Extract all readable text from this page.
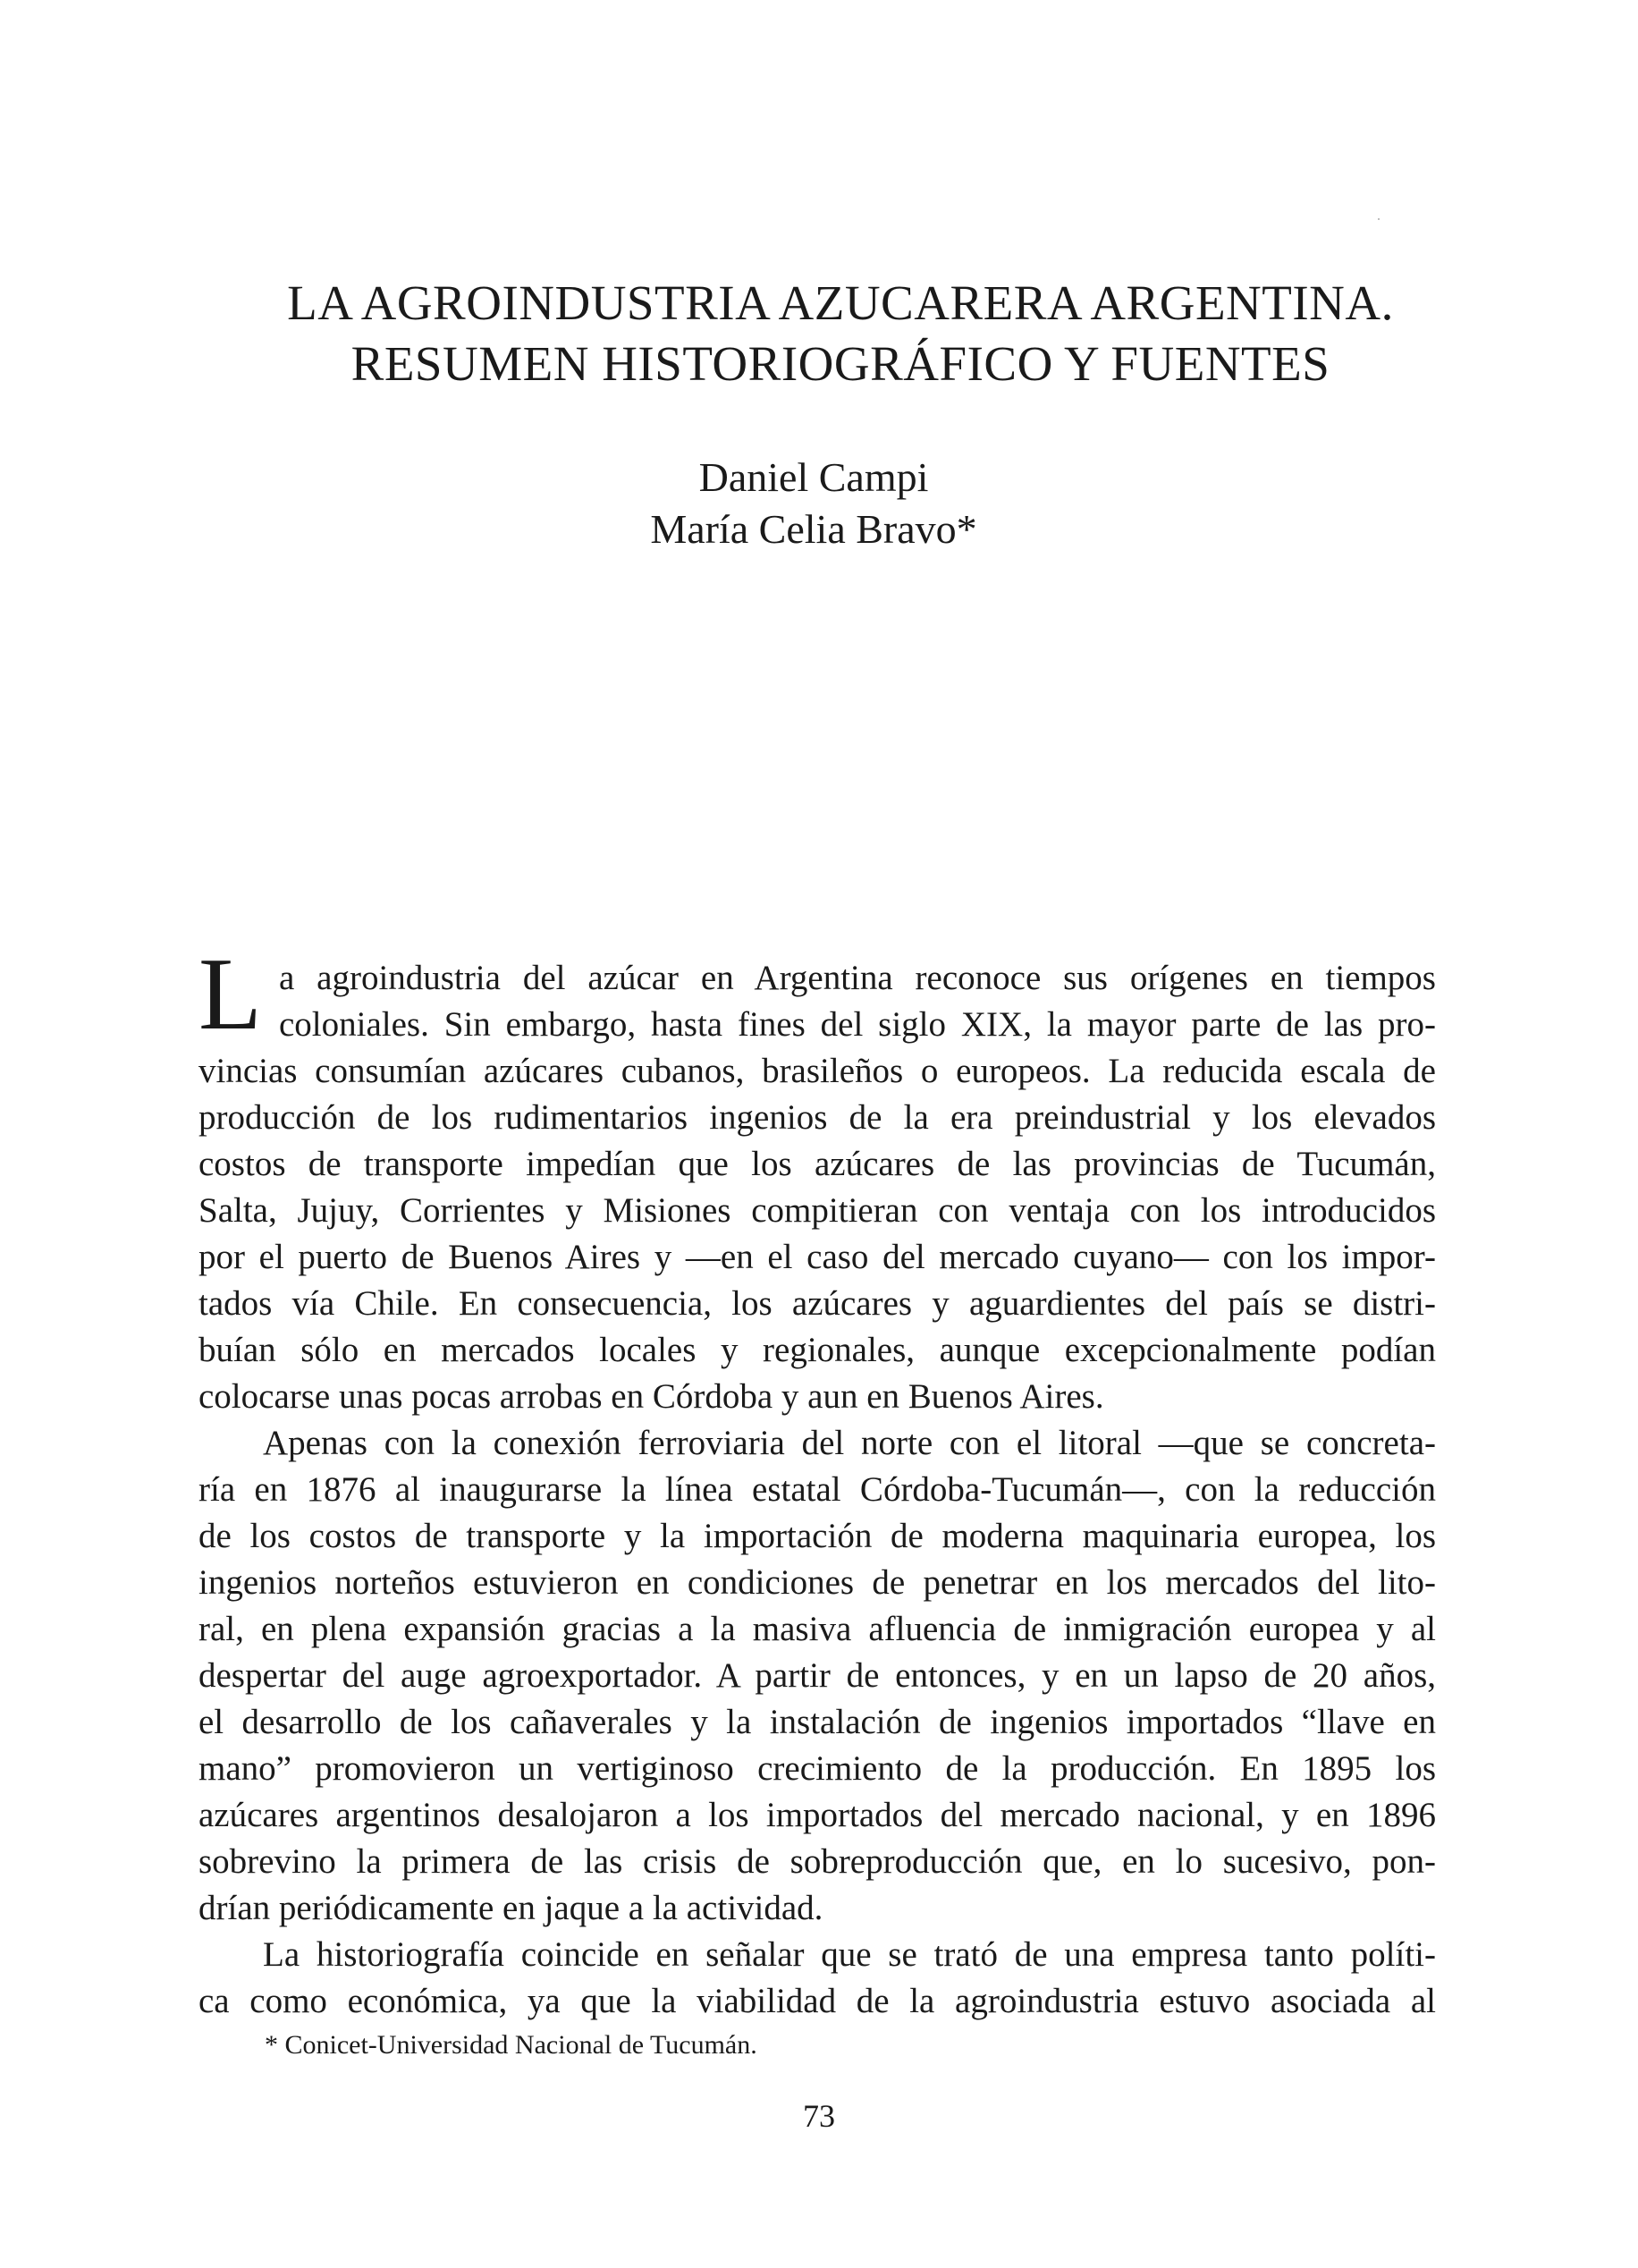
LA AGROINDUSTRIA AZUCARERA ARGENTINA.
RESUMEN HISTORIOGRÁFICO Y FUENTES
Daniel Campi
María Celia Bravo*
L a agroindustria del azúcar en Argentina reconoce sus orígenes en tiempos
coloniales. Sin embargo, hasta fines del siglo XIX, la mayor parte de las pro-
vincias consumían azúcares cubanos, brasileños o europeos. La reducida escala de
producción de los rudimentarios ingenios de la era preindustrial y los elevados
costos de transporte impedían que los azúcares de las provincias de Tucumán,
Salta, Jujuy, Corrientes y Misiones compitieran con ventaja con los introducidos
por el puerto de Buenos Aires y —en el caso del mercado cuyano— con los impor-
tados vía Chile. En consecuencia, los azúcares y aguardientes del país se distri-
buían sólo en mercados locales y regionales, aunque excepcionalmente podían
colocarse unas pocas arrobas en Córdoba y aun en Buenos Aires.
Apenas con la conexión ferroviaria del norte con el litoral —que se concreta-
ría en 1876 al inaugurarse la línea estatal Córdoba-Tucumán—, con la reducción
de los costos de transporte y la importación de moderna maquinaria europea, los
ingenios norteños estuvieron en condiciones de penetrar en los mercados del lito-
ral, en plena expansión gracias a la masiva afluencia de inmigración europea y al
despertar del auge agroexportador. A partir de entonces, y en un lapso de 20 años,
el desarrollo de los cañaverales y la instalación de ingenios importados “llave en
mano” promovieron un vertiginoso crecimiento de la producción. En 1895 los
azúcares argentinos desalojaron a los importados del mercado nacional, y en 1896
sobrevino la primera de las crisis de sobreproducción que, en lo sucesivo, pon-
drían periódicamente en jaque a la actividad.
La historiografía coincide en señalar que se trató de una empresa tanto políti-
ca como económica, ya que la viabilidad de la agroindustria estuvo asociada al
* Conicet-Universidad Nacional de Tucumán.
73
